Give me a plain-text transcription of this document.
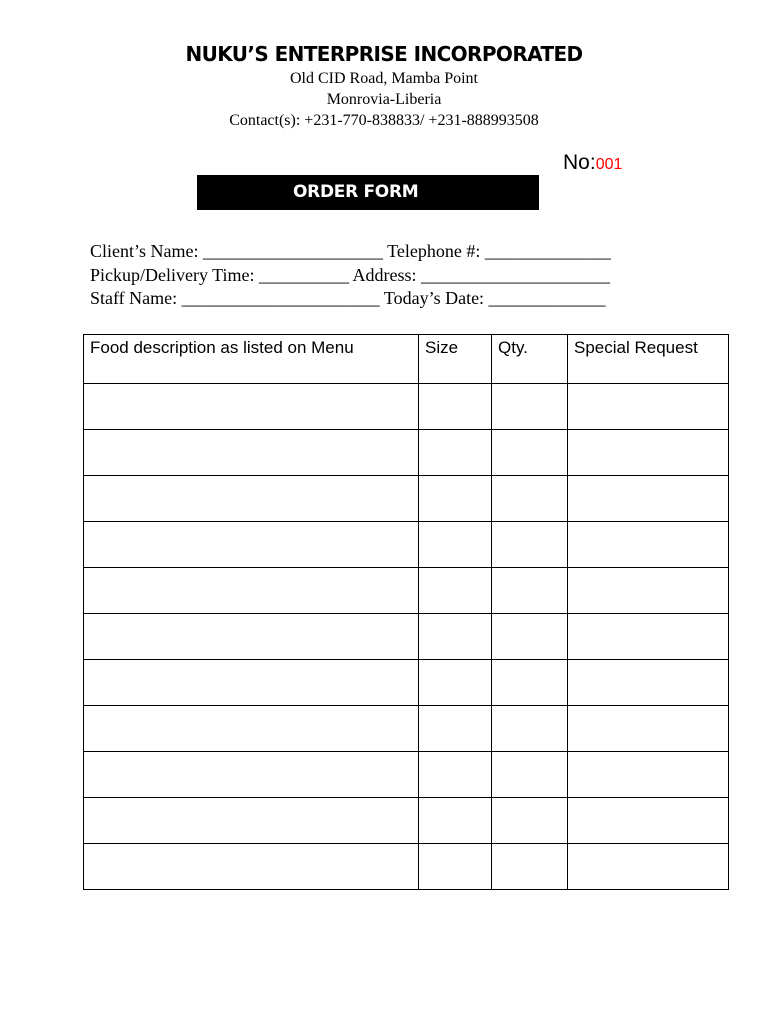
NUKU’S ENTERPRISE INCORPORATED
Old CID Road, Mamba Point
Monrovia-Liberia
Contact(s): +231-770-838833/ +231-888993508
No:001
ORDER FORM
Client’s Name: ____________________ Telephone #: ______________
Pickup/Delivery Time: __________ Address: _____________________
Staff Name: ______________________ Today’s Date: _____________
Food description as listed on Menu	Size	Qty.	Special Request
